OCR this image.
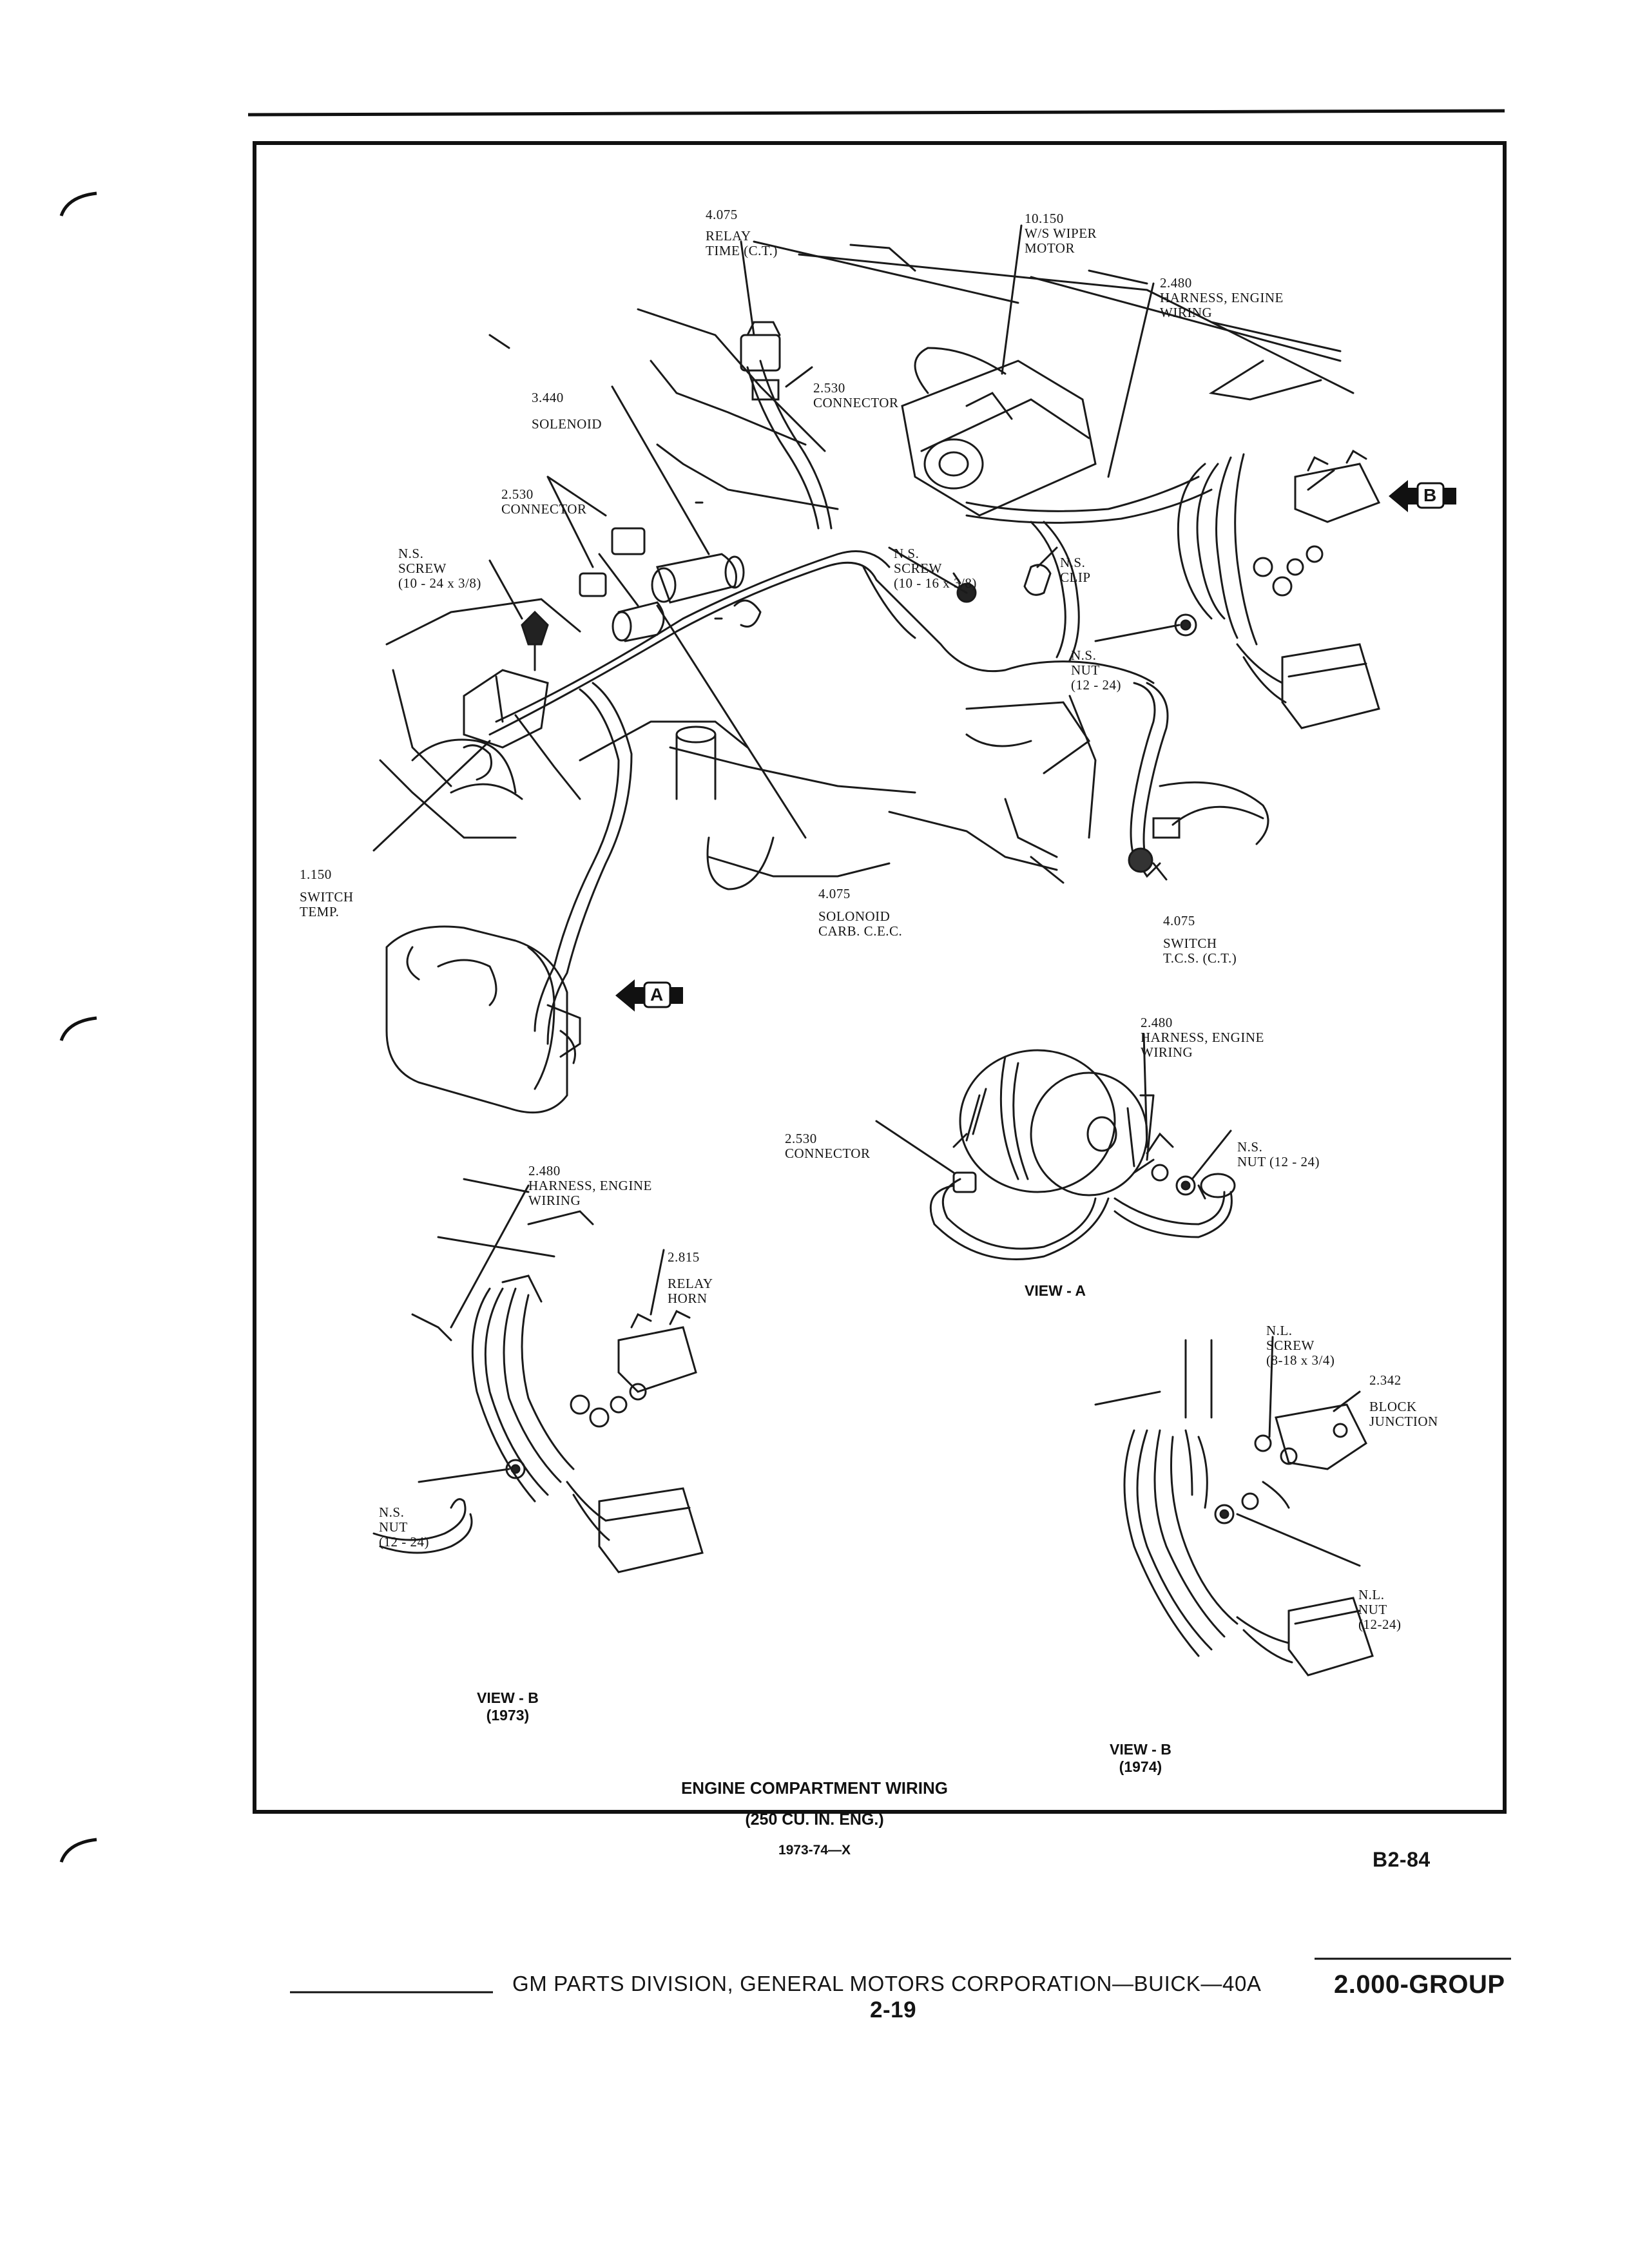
A
B

4.075
RELAY
TIME (C.T.)

10.150
W/S WIPER
MOTOR

2.480
HARNESS, ENGINE
WIRING

3.440
SOLENOID

2.530
CONNECTOR

2.530
CONNECTOR

N.S.
SCREW
(10 - 24 x 3/8)

N.S.
SCREW
(10 - 16 x 3/8)

N.S.
CLIP

N.S.
NUT
(12 - 24)

1.150
SWITCH
TEMP.

4.075
SOLONOID
CARB. C.E.C.

4.075
SWITCH
T.C.S. (C.T.)

2.480
HARNESS, ENGINE
WIRING

2.530
CONNECTOR

	N.S.
NUT (12 - 24)

2.480
HARNESS, ENGINE
WIRING

2.815
RELAY
HORN

N.S.
NUT
(12 - 24)

N.L.
SCREW
(8-18 x 3/4)

2.342
BLOCK
JUNCTION

N.L.
NUT
(12-24)

VIEW - A

VIEW - B
(1973)

VIEW - B
(1974)

ENGINE COMPARTMENT WIRING
(250 CU. IN. ENG.)
1973-74—X	B2-84
GM PARTS DIVISION, GENERAL MOTORS CORPORATION—BUICK—40A
2-19
2.000-GROUP
